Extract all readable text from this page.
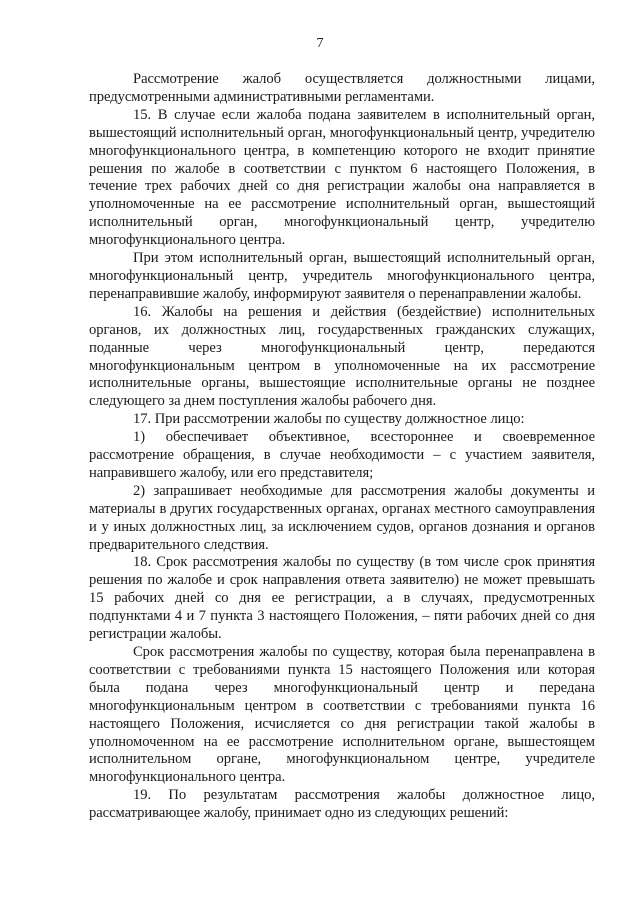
7

Рассмотрение жалоб осуществляется должностными лицами, предусмотренными административными регламентами.

15. В случае если жалоба подана заявителем в исполнительный орган, вышестоящий исполнительный орган, многофункциональный центр, учредителю многофункционального центра, в компетенцию которого не входит принятие решения по жалобе в соответствии с пунктом 6 настоящего Положения, в течение трех рабочих дней со дня регистрации жалобы она направляется в уполномоченные на ее рассмотрение исполнительный орган, вышестоящий исполнительный орган, многофункциональный центр, учредителю многофункционального центра.

При этом исполнительный орган, вышестоящий исполнительный орган, многофункциональный центр, учредитель многофункционального центра, перенаправившие жалобу, информируют заявителя о перенаправлении жалобы.

16. Жалобы на решения и действия (бездействие) исполнительных органов, их должностных лиц, государственных гражданских служащих, поданные через многофункциональный центр, передаются многофункциональным центром в уполномоченные на их рассмотрение исполнительные органы, вышестоящие исполнительные органы не позднее следующего за днем поступления жалобы рабочего дня.

17. При рассмотрении жалобы по существу должностное лицо:

1) обеспечивает объективное, всестороннее и своевременное рассмотрение обращения, в случае необходимости – с участием заявителя, направившего жалобу, или его представителя;

2) запрашивает необходимые для рассмотрения жалобы документы и материалы в других государственных органах, органах местного самоуправления и у иных должностных лиц, за исключением судов, органов дознания и органов предварительного следствия.

18. Срок рассмотрения жалобы по существу (в том числе срок принятия решения по жалобе и срок направления ответа заявителю) не может превышать 15 рабочих дней со дня ее регистрации, а в случаях, предусмотренных подпунктами 4 и 7 пункта 3 настоящего Положения, – пяти рабочих дней со дня регистрации жалобы.

Срок рассмотрения жалобы по существу, которая была перенаправлена в соответствии с требованиями пункта 15 настоящего Положения или которая была подана через многофункциональный центр и передана многофункциональным центром в соответствии с требованиями пункта 16 настоящего Положения, исчисляется со дня регистрации такой жалобы в уполномоченном на ее рассмотрение исполнительном органе, вышестоящем исполнительном органе, многофункциональном центре, учредителе многофункционального центра.

19. По результатам рассмотрения жалобы должностное лицо, рассматривающее жалобу, принимает одно из следующих решений:
